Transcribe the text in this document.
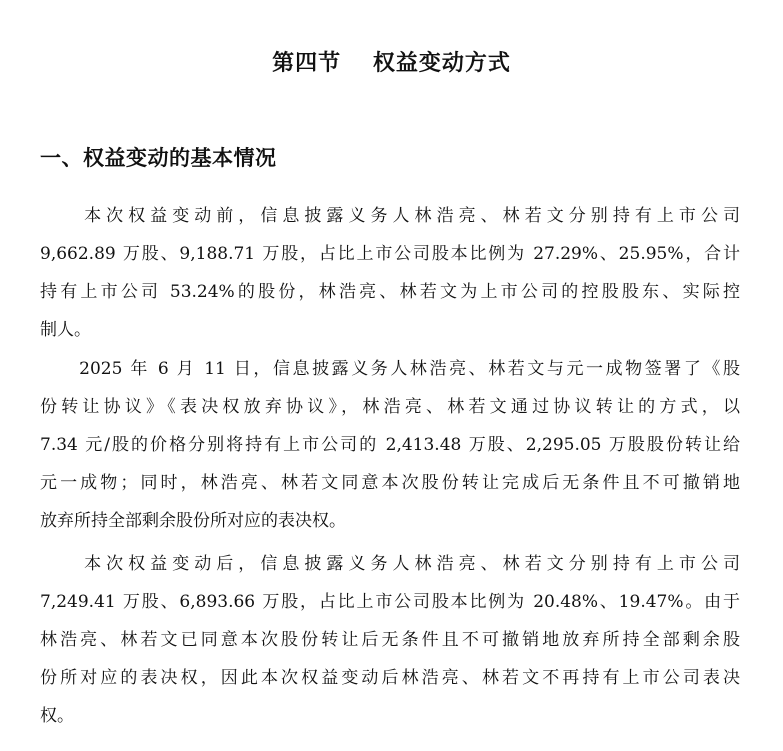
第四节　 权益变动方式
一、权益变动的基本情况

　　本次权益变动前，信息披露义务人林浩亮、林若文分别持有上市公司
9,662.89 万股、9,188.71 万股，占比上市公司股本比例为 27.29%、25.95%，合计
持有上市公司 53.24%的股份，林浩亮、林若文为上市公司的控股股东、实际控
制人。

　　2025 年 6 月 11 日，信息披露义务人林浩亮、林若文与元一成物签署了《股
份转让协议》《表决权放弃协议》，林浩亮、林若文通过协议转让的方式，以
7.34 元/股的价格分别将持有上市公司的 2,413.48 万股、2,295.05 万股股份转让给
元一成物；同时，林浩亮、林若文同意本次股份转让完成后无条件且不可撤销地
放弃所持全部剩余股份所对应的表决权。

　　本次权益变动后，信息披露义务人林浩亮、林若文分别持有上市公司
7,249.41 万股、6,893.66 万股，占比上市公司股本比例为 20.48%、19.47%。由于
林浩亮、林若文已同意本次股份转让后无条件且不可撤销地放弃所持全部剩余股
份所对应的表决权，因此本次权益变动后林浩亮、林若文不再持有上市公司表决
权。
